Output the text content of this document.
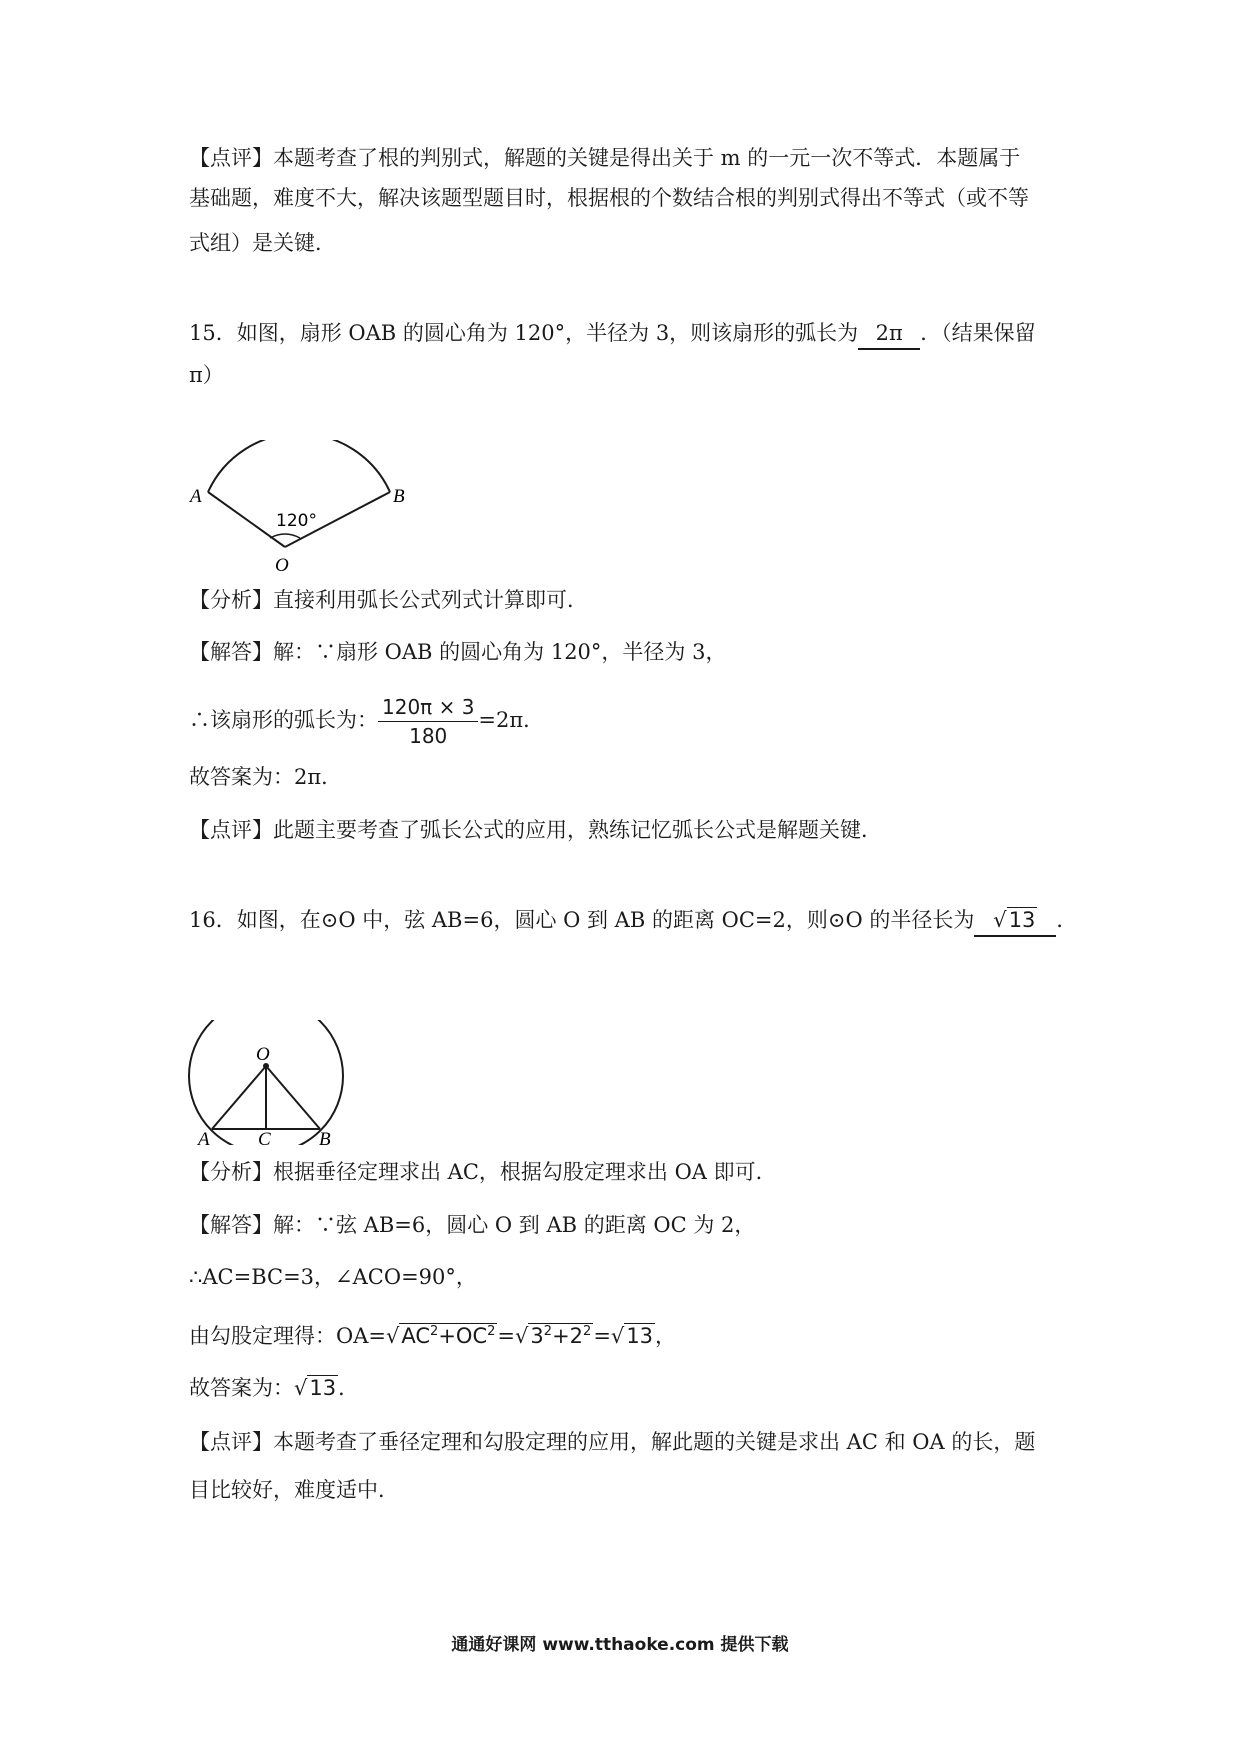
【点评】本题考查了根的判别式，解题的关键是得出关于 m 的一元一次不等式．本题属于
基础题，难度不大，解决该题型题目时，根据根的个数结合根的判别式得出不等式（或不等
式组）是关键．
15．如图，扇形 OAB 的圆心角为 120°，半径为 3，则该扇形的弧长为 2π ．（结果保留
π）
A	B
O
120°
【分析】直接利用弧长公式列式计算即可．
【解答】解：∵扇形 OAB 的圆心角为 120°，半径为 3，
∴该扇形的弧长为： $\frac{120\pi \times 3}{180} =2\pi$．
故答案为：2π．
【点评】此题主要考查了弧长公式的应用，熟练记忆弧长公式是解题关键．
16．如图，在⊙O 中，弦 AB=6，圆心 O 到 AB 的距离 OC=2，则⊙O 的半径长为 √13 ．
O
A	C	B
【分析】根据垂径定理求出 AC，根据勾股定理求出 OA 即可．
【解答】解：∵弦 AB=6，圆心 O 到 AB 的距离 OC 为 2，
∴AC=BC=3，∠ACO=90°，
由勾股定理得：$OA=√AC^2+OC^2=√3^2+2^2=√13$，
故答案为：√13．
【点评】本题考查了垂径定理和勾股定理的应用，解此题的关键是求出 AC 和 OA 的长，题
目比较好，难度适中．
通通好课网 www.tthaoke.com 提供下载
